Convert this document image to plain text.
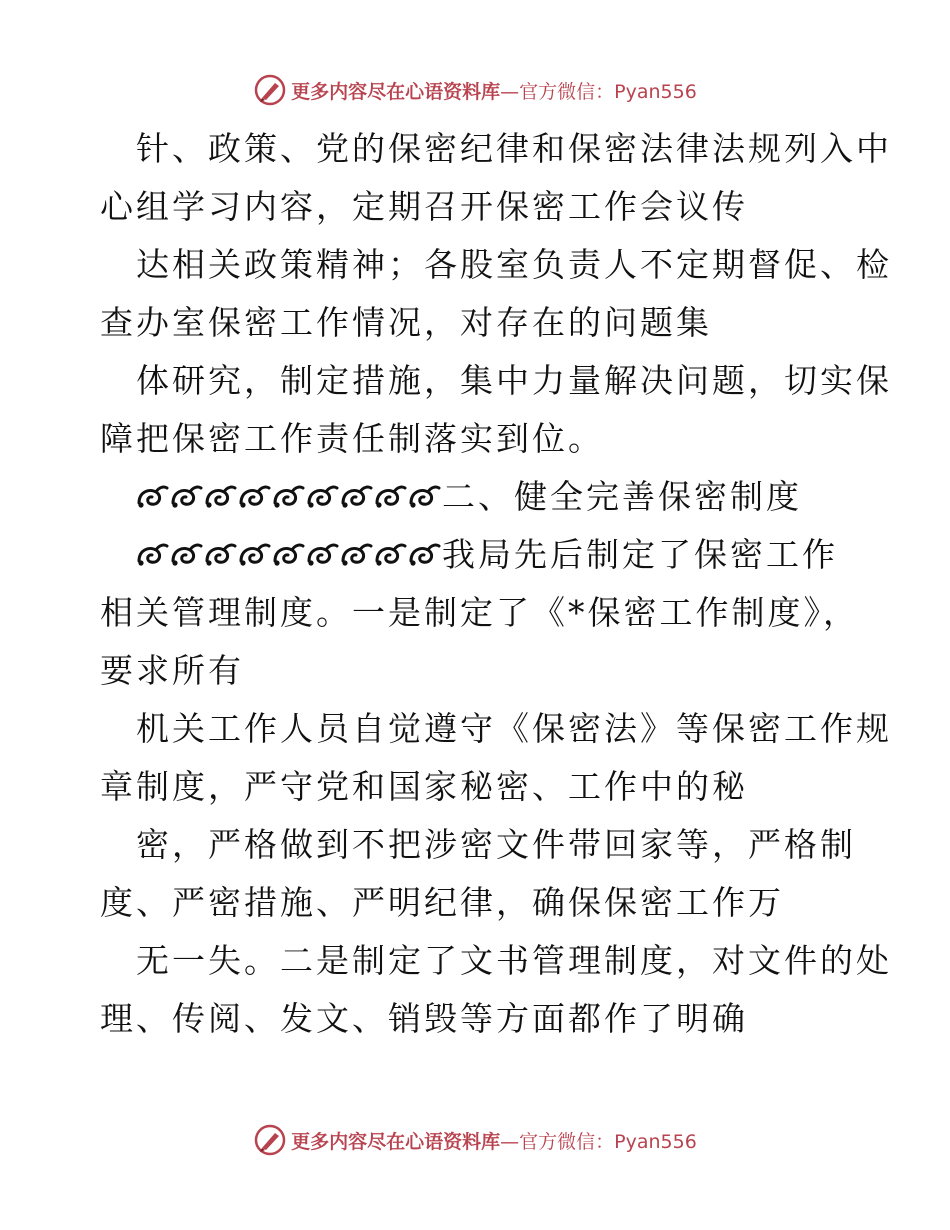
更多内容尽在心语资料库 —官方微信：Pyan556
针、政策、党的保密纪律和保密法律法规列入中
心组学习内容，定期召开保密工作会议传
达相关政策精神；各股室负责人不定期督促、检
查办室保密工作情况，对存在的问题集
体研究，制定措施，集中力量解决问题，切实保
障把保密工作责任制落实到位。
二、健全完善保密制度
我局先后制定了保密工作
相关管理制度。一是制定了《*保密工作制度》，
要求所有
机关工作人员自觉遵守《保密法》等保密工作规
章制度，严守党和国家秘密、工作中的秘
密，严格做到不把涉密文件带回家等，严格制
度、严密措施、严明纪律，确保保密工作万
无一失。二是制定了文书管理制度，对文件的处
理、传阅、发文、销毁等方面都作了明确
更多内容尽在心语资料库 —官方微信：Pyan556
